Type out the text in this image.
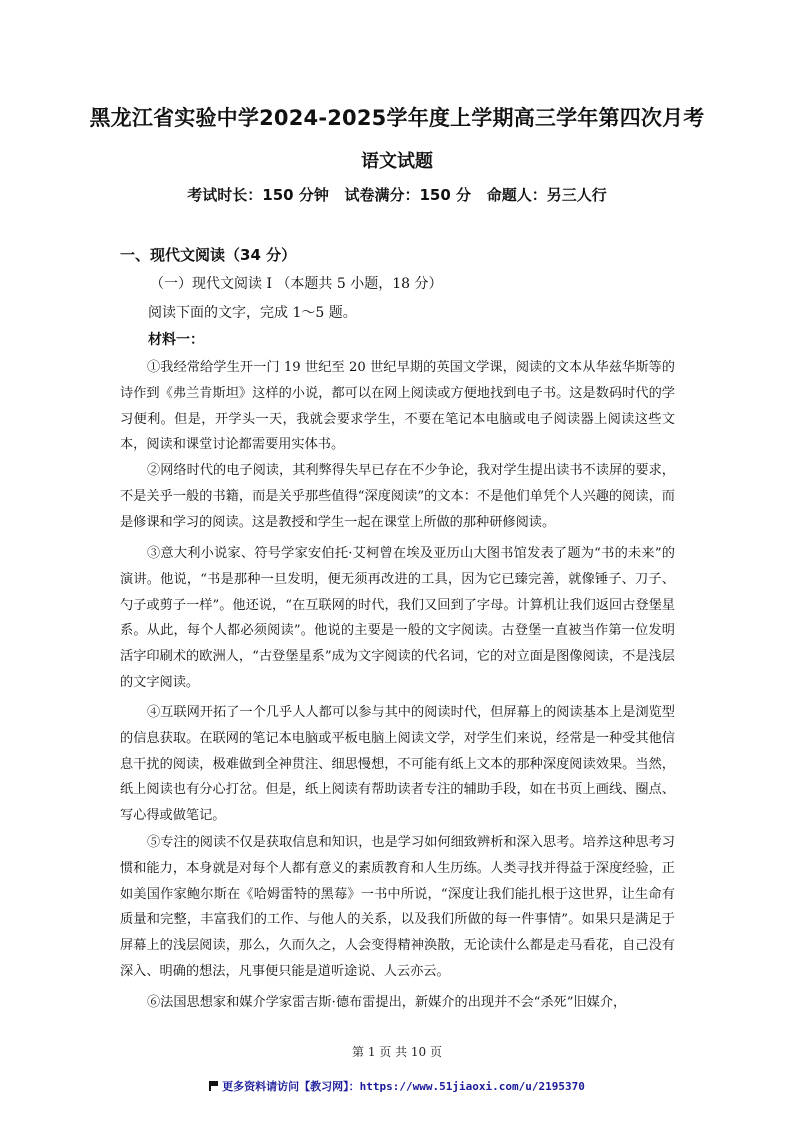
黑龙江省实验中学2024-2025学年度上学期高三学年第四次月考
语文试题
考试时长：150 分钟   试卷满分：150 分   命题人：另三人行
一、现代文阅读（34 分）
（一）现代文阅读 I （本题共 5 小题，18 分）
阅读下面的文字，完成 1～5 题。
材料一：

①我经常给学生开一门 19 世纪至 20 世纪早期的英国文学课，阅读的文本从华兹华斯等的诗作到《弗兰肯斯坦》这样的小说，都可以在网上阅读或方便地找到电子书。这是数码时代的学习便利。但是，开学头一天，我就会要求学生，不要在笔记本电脑或电子阅读器上阅读这些文本，阅读和课堂讨论都需要用实体书。

②网络时代的电子阅读，其利弊得失早已存在不少争论，我对学生提出读书不读屏的要求，不是关乎一般的书籍，而是关乎那些值得“深度阅读”的文本：不是他们单凭个人兴趣的阅读，而是修课和学习的阅读。这是教授和学生一起在课堂上所做的那种研修阅读。

③意大利小说家、符号学家安伯托·艾柯曾在埃及亚历山大图书馆发表了题为“书的未来”的演讲。他说，“书是那种一旦发明，便无须再改进的工具，因为它已臻完善，就像锤子、刀子、勺子或剪子一样”。他还说，“在互联网的时代，我们又回到了字母。计算机让我们返回古登堡星系。从此，每个人都必须阅读”。他说的主要是一般的文字阅读。古登堡一直被当作第一位发明活字印刷术的欧洲人，“古登堡星系”成为文字阅读的代名词，它的对立面是图像阅读，不是浅层的文字阅读。

④互联网开拓了一个几乎人人都可以参与其中的阅读时代，但屏幕上的阅读基本上是浏览型的信息获取。在联网的笔记本电脑或平板电脑上阅读文学，对学生们来说，经常是一种受其他信息干扰的阅读，极难做到全神贯注、细思慢想，不可能有纸上文本的那种深度阅读效果。当然，纸上阅读也有分心打岔。但是，纸上阅读有帮助读者专注的辅助手段，如在书页上画线、圈点、写心得或做笔记。

⑤专注的阅读不仅是获取信息和知识，也是学习如何细致辨析和深入思考。培养这种思考习惯和能力，本身就是对每个人都有意义的素质教育和人生历练。人类寻找并得益于深度经验，正如美国作家鲍尔斯在《哈姆雷特的黑莓》一书中所说，“深度让我们能扎根于这世界，让生命有质量和完整，丰富我们的工作、与他人的关系，以及我们所做的每一件事情”。如果只是满足于屏幕上的浅层阅读，那么，久而久之，人会变得精神涣散，无论读什么都是走马看花，自己没有深入、明确的想法，凡事便只能是道听途说、人云亦云。

⑥法国思想家和媒介学家雷吉斯·德布雷提出，新媒介的出现并不会“杀死”旧媒介，

第 1 页 共 10 页
更多资料请访问【教习网】：https://www.51jiaoxi.com/u/2195370
